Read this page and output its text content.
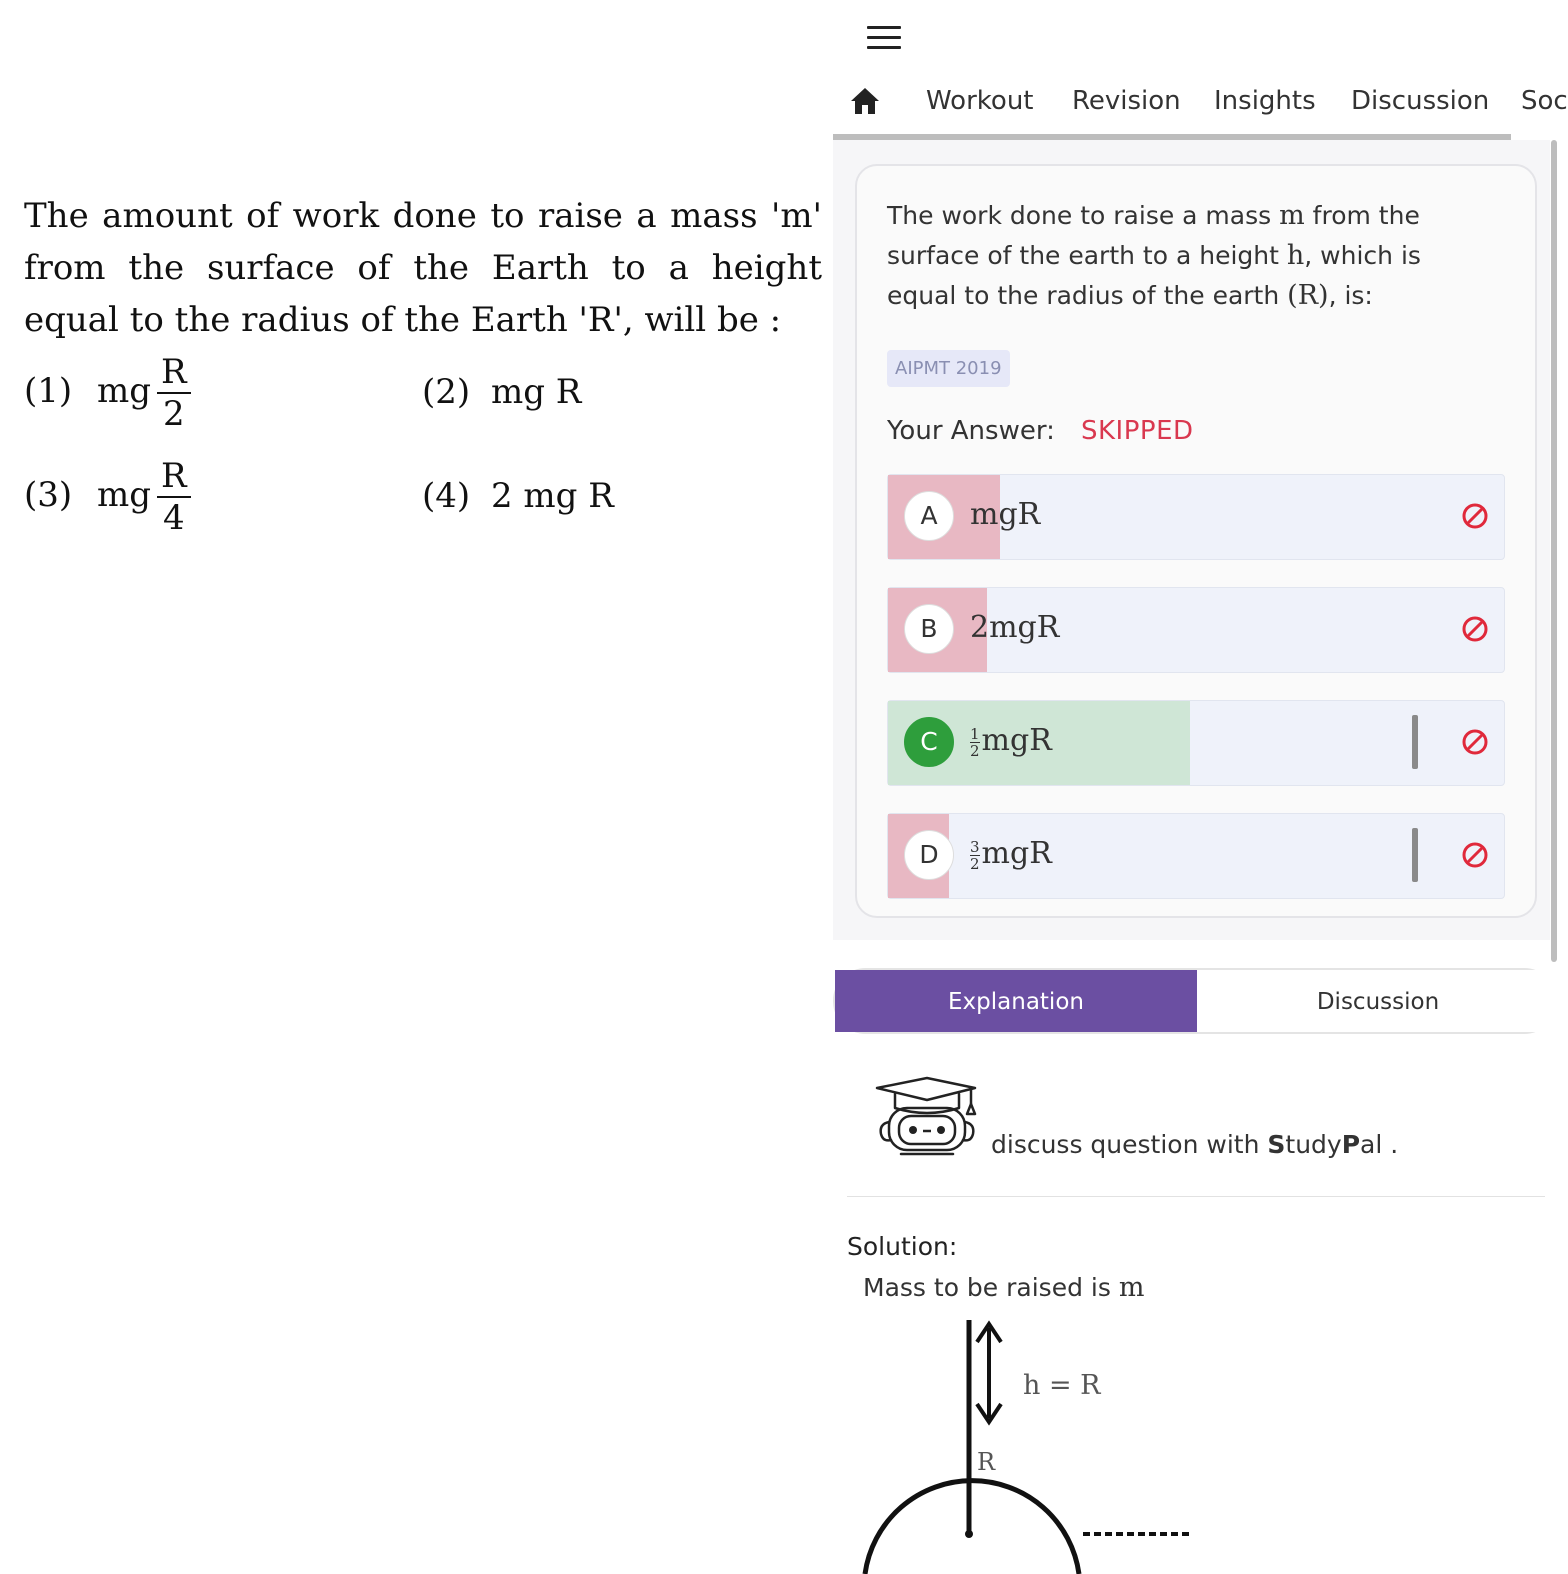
The amount of work done to raise a mass 'm' from the surface of the Earth to a height equal to the radius of the Earth 'R', will be :
(1) mg $\frac{R}{2}$	(2) mg R
(3) mg $\frac{R}{4}$	(4) 2 mg R
Workout Revision Insights Discussion Soc
The work done to raise a mass m from the surface of the earth to a height h, which is equal to the radius of the earth (R), is:
AIPMT 2019
Your Answer: SKIPPED
A	mgR
B	2mgR
C	$\frac{1}{2}$ mgR
D	$\frac{3}{2}$ mgR
Explanation	Discussion
discuss question with StudyPal .
Solution:
Mass to be raised is m
h = R
R
